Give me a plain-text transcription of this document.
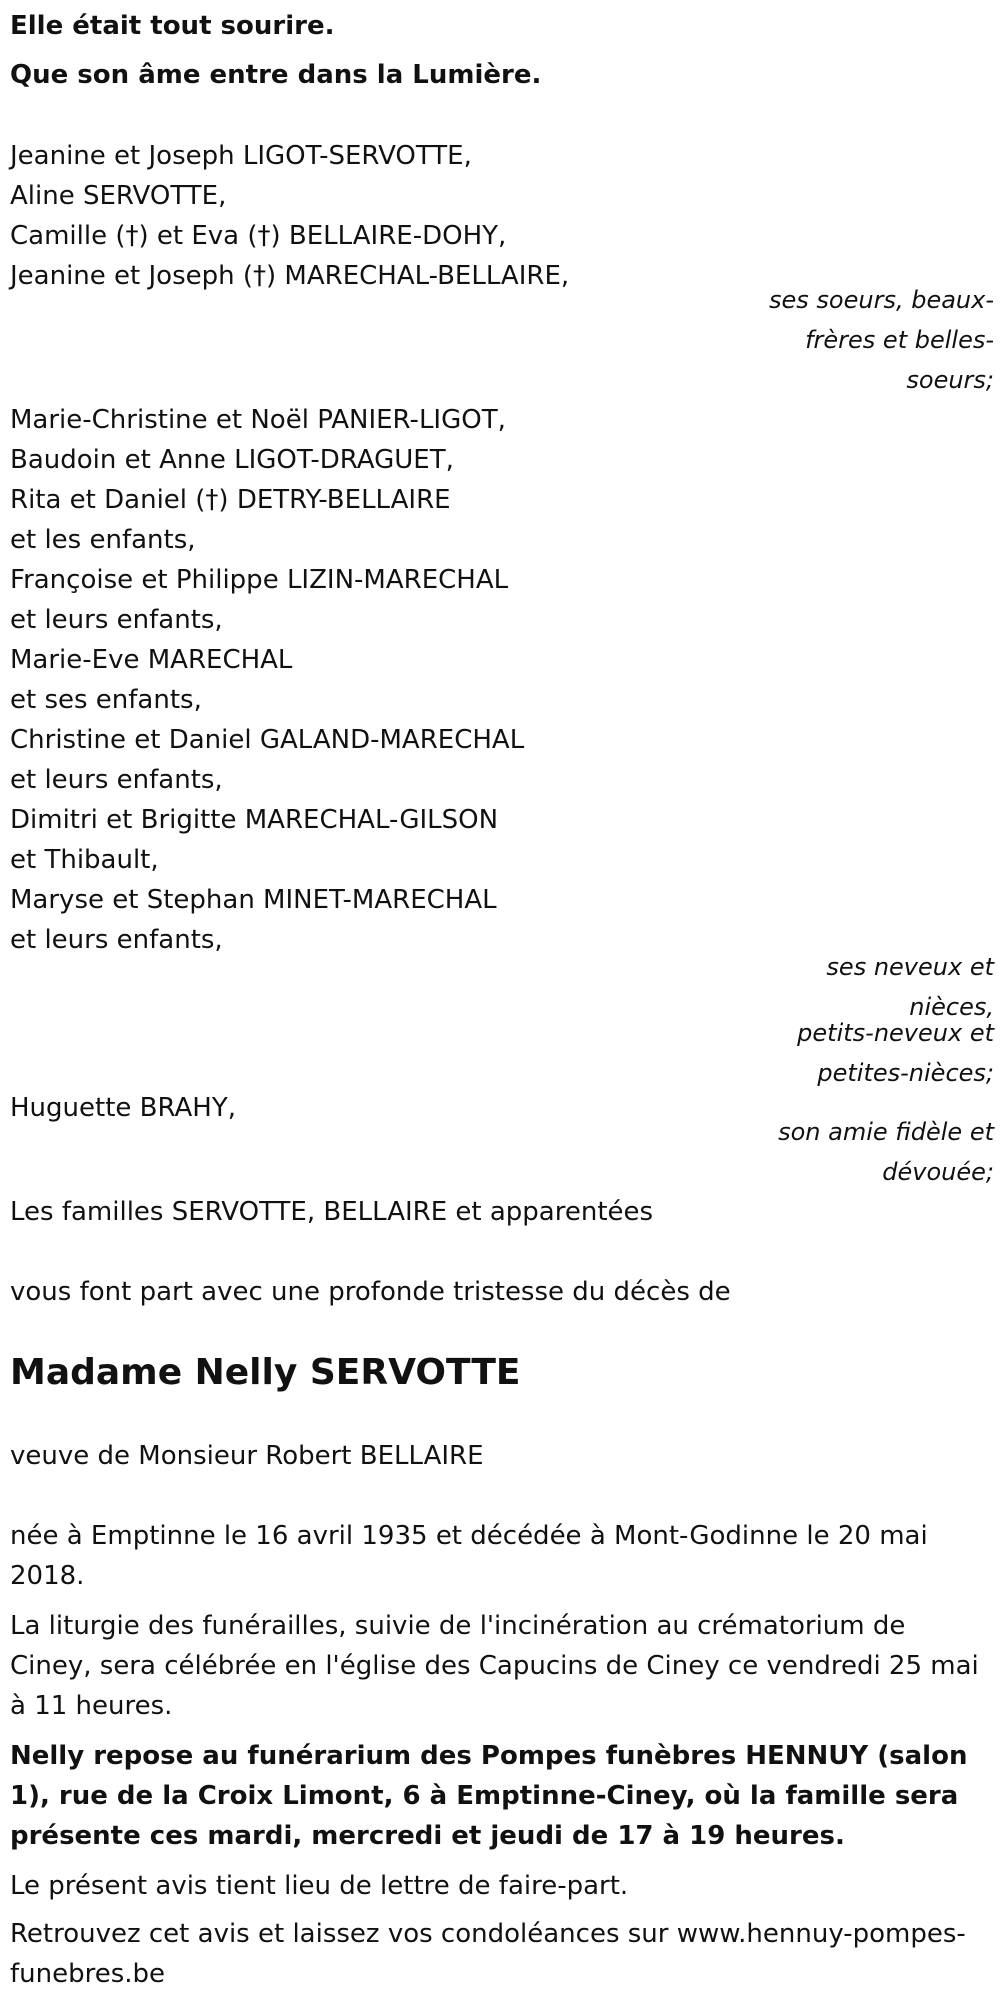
Elle était tout sourire.

Que son âme entre dans la Lumière.

Jeanine et Joseph LIGOT-SERVOTTE,

Aline SERVOTTE,

Camille (†) et Eva (†) BELLAIRE-DOHY,

Jeanine et Joseph (†) MARECHAL-BELLAIRE,

ses soeurs, beaux-

frères et belles-

soeurs;

Marie-Christine et Noël PANIER-LIGOT,

Baudoin et Anne LIGOT-DRAGUET,

Rita et Daniel (†) DETRY-BELLAIRE

et les enfants,

Françoise et Philippe LIZIN-MARECHAL

et leurs enfants,

Marie-Eve MARECHAL

et ses enfants,

Christine et Daniel GALAND-MARECHAL

et leurs enfants,

Dimitri et Brigitte MARECHAL-GILSON

et Thibault,

Maryse et Stephan MINET-MARECHAL

et leurs enfants,

ses neveux et

nièces,

petits-neveux et

petites-nièces;

Huguette BRAHY,

son amie fidèle et

dévouée;

Les familles SERVOTTE, BELLAIRE et apparentées

vous font part avec une profonde tristesse du décès de

Madame Nelly SERVOTTE

veuve de Monsieur Robert BELLAIRE

née à Emptinne le 16 avril 1935 et décédée à Mont-Godinne le 20 mai 2018.

La liturgie des funérailles, suivie de l'incinération au crématorium de Ciney, sera célébrée en l'église des Capucins de Ciney ce vendredi 25 mai à 11 heures.

Nelly repose au funérarium des Pompes funèbres HENNUY (salon 1), rue de la Croix Limont, 6 à Emptinne-Ciney, où la famille sera présente ces mardi, mercredi et jeudi de 17 à 19 heures.

Le présent avis tient lieu de lettre de faire-part.

Retrouvez cet avis et laissez vos condoléances sur www.hennuy-pompes-funebres.be
